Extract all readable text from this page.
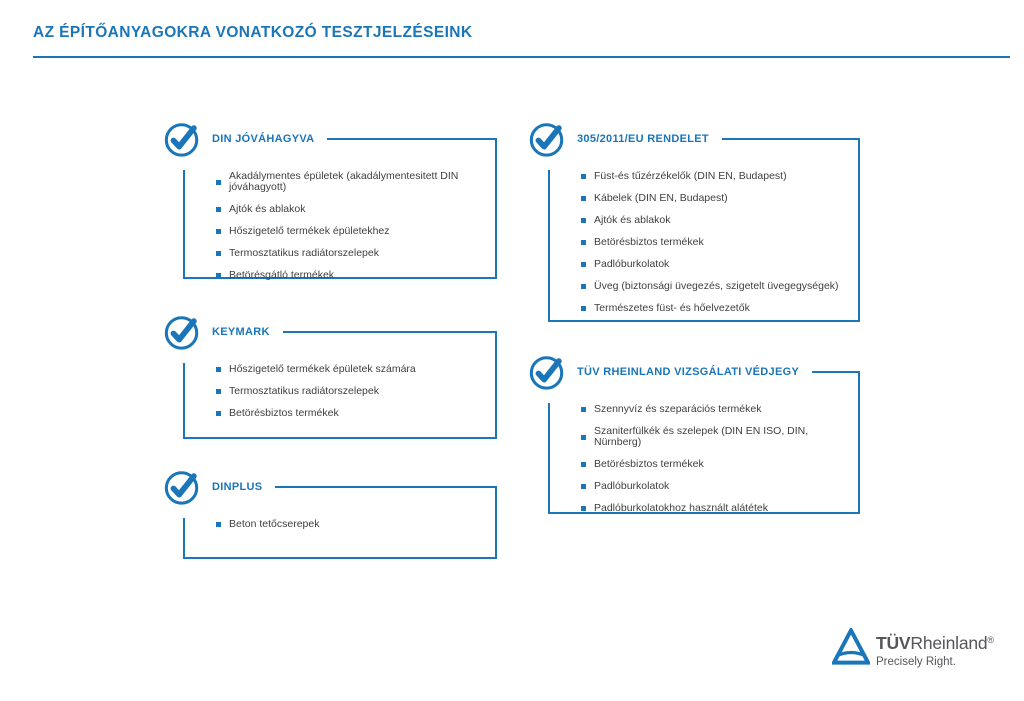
AZ ÉPÍTŐANYAGOKRA VONATKOZÓ TESZTJELZÉSEINK
DIN JÓVÁHAGYVA
Akadálymentes épületek (akadálymentesitett DIN jóváhagyott)
Ajtók és ablakok
Hőszigetelő termékek épületekhez
Termosztatikus radiátorszelepek
Betörésgátló termékek
KEYMARK
Hőszigetelő termékek épületek számára
Termosztatikus radiátorszelepek
Betörésbiztos termékek
DINPLUS
Beton tetőcserepek
305/2011/EU RENDELET
Füst-és tűzérzékelők (DIN EN, Budapest)
Kábelek (DIN EN, Budapest)
Ajtók és ablakok
Betörésbiztos termékek
Padlóburkolatok
Üveg (biztonsági üvegezés, szigetelt üvegegységek)
Természetes füst- és hőelvezetők
TÜV RHEINLAND VIZSGÁLATI VÉDJEGY
Szennyvíz és szeparációs termékek
Szaniterfülkék és szelepek (DIN EN ISO, DIN, Nürnberg)
Betörésbiztos termékek
Padlóburkolatok
Padlóburkolatokhoz használt alátétek
TÜVRheinland®
Precisely Right.
